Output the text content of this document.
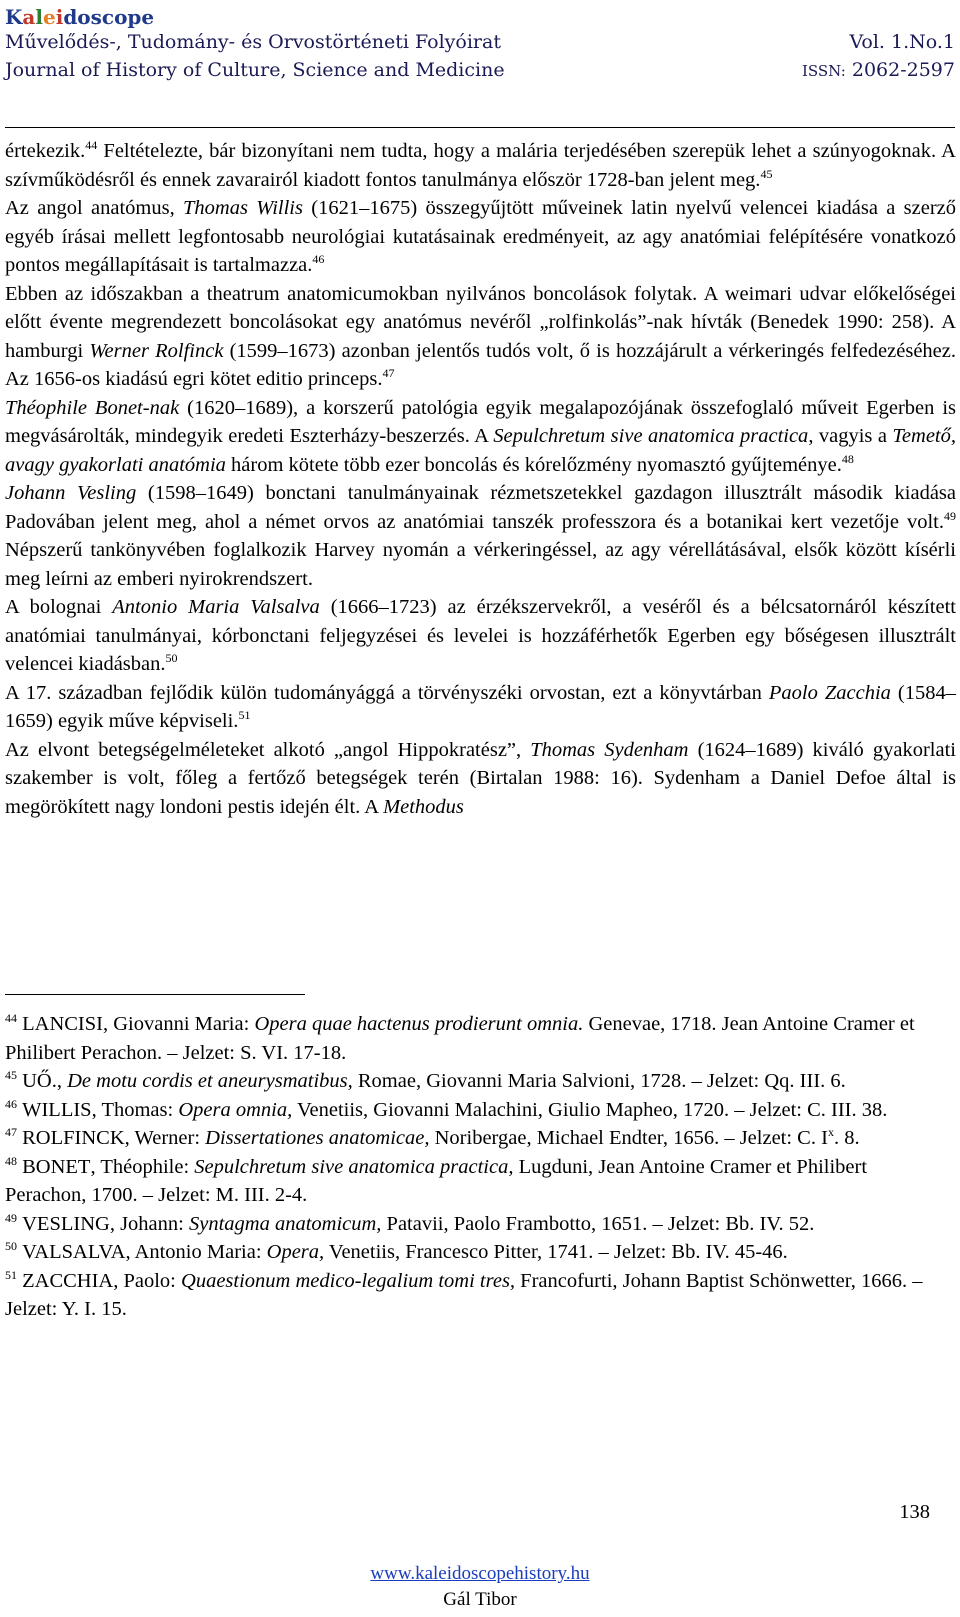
Kaleidoscope
Művelődés-, Tudomány- és Orvostörténeti Folyóirat	Vol. 1.No.1
Journal of History of Culture, Science and Medicine	ISSN: 2062-2597

értekezik.$^{44}$ Feltételezte, bár bizonyítani nem tudta, hogy a malária terjedésében szerepük lehet a szúnyogoknak. A szívműködésről és ennek zavarairól kiadott fontos tanulmánya először 1728-ban jelent meg.$^{45}$

Az angol anatómus, Thomas Willis (1621–1675) összegyűjtött műveinek latin nyelvű velencei kiadása a szerző egyéb írásai mellett legfontosabb neurológiai kutatásainak eredményeit, az agy anatómiai felépítésére vonatkozó pontos megállapításait is tartalmazza.$^{46}$

Ebben az időszakban a theatrum anatomicumokban nyilvános boncolások folytak. A weimari udvar előkelőségei előtt évente megrendezett boncolásokat egy anatómus nevéről „rolfinkolás”-nak hívták (Benedek 1990: 258). A hamburgi Werner Rolfinck (1599–1673) azonban jelentős tudós volt, ő is hozzájárult a vérkeringés felfedezéséhez. Az 1656-os kiadású egri kötet editio princeps.$^{47}$

Théophile Bonet-nak (1620–1689), a korszerű patológia egyik megalapozójának összefoglaló műveit Egerben is megvásárolták, mindegyik eredeti Eszterházy-beszerzés. A Sepulchretum sive anatomica practica, vagyis a Temető, avagy gyakorlati anatómia három kötete több ezer boncolás és kórelőzmény nyomasztó gyűjteménye.$^{48}$

Johann Vesling (1598–1649) bonctani tanulmányainak rézmetszetekkel gazdagon illusztrált második kiadása Padovában jelent meg, ahol a német orvos az anatómiai tanszék professzora és a botanikai kert vezetője volt.$^{49}$ Népszerű tankönyvében foglalkozik Harvey nyomán a vérkeringéssel, az agy vérellátásával, elsők között kísérli meg leírni az emberi nyirokrendszert.

A bolognai Antonio Maria Valsalva (1666–1723) az érzékszervekről, a veséről és a bélcsatornáról készített anatómiai tanulmányai, kórbonctani feljegyzései és levelei is hozzáférhetők Egerben egy bőségesen illusztrált velencei kiadásban.$^{50}$

A 17. században fejlődik külön tudományággá a törvényszéki orvostan, ezt a könyvtárban Paolo Zacchia (1584–1659) egyik műve képviseli.$^{51}$

Az elvont betegségelméleteket alkotó „angol Hippokratész”, Thomas Sydenham (1624–1689) kiváló gyakorlati szakember is volt, főleg a fertőző betegségek terén (Birtalan 1988: 16). Sydenham a Daniel Defoe által is megörökített nagy londoni pestis idején élt. A Methodus

$^{44}$ LANCISI, Giovanni Maria: Opera quae hactenus prodierunt omnia. Genevae, 1718. Jean Antoine Cramer et Philibert Perachon. – Jelzet: S. VI. 17-18.

$^{45}$ UŐ., De motu cordis et aneurysmatibus, Romae, Giovanni Maria Salvioni, 1728. – Jelzet: Qq. III. 6.

$^{46}$ WILLIS, Thomas: Opera omnia, Venetiis, Giovanni Malachini, Giulio Mapheo, 1720. – Jelzet: C. III. 38.

$^{47}$ ROLFINCK, Werner: Dissertationes anatomicae, Noribergae, Michael Endter, 1656. – Jelzet: C. $I^x$. 8.

$^{48}$ BONET, Théophile: Sepulchretum sive anatomica practica, Lugduni, Jean Antoine Cramer et Philibert Perachon, 1700. – Jelzet: M. III. 2-4.

$^{49}$ VESLING, Johann: Syntagma anatomicum, Patavii, Paolo Frambotto, 1651. – Jelzet: Bb. IV. 52.

$^{50}$ VALSALVA, Antonio Maria: Opera, Venetiis, Francesco Pitter, 1741. – Jelzet: Bb. IV. 45-46.

$^{51}$ ZACCHIA, Paolo: Quaestionum medico-legalium tomi tres, Francofurti, Johann Baptist Schönwetter, 1666. – Jelzet: Y. I. 15.

138
www.kaleidoscopehistory.hu
Gál Tibor
